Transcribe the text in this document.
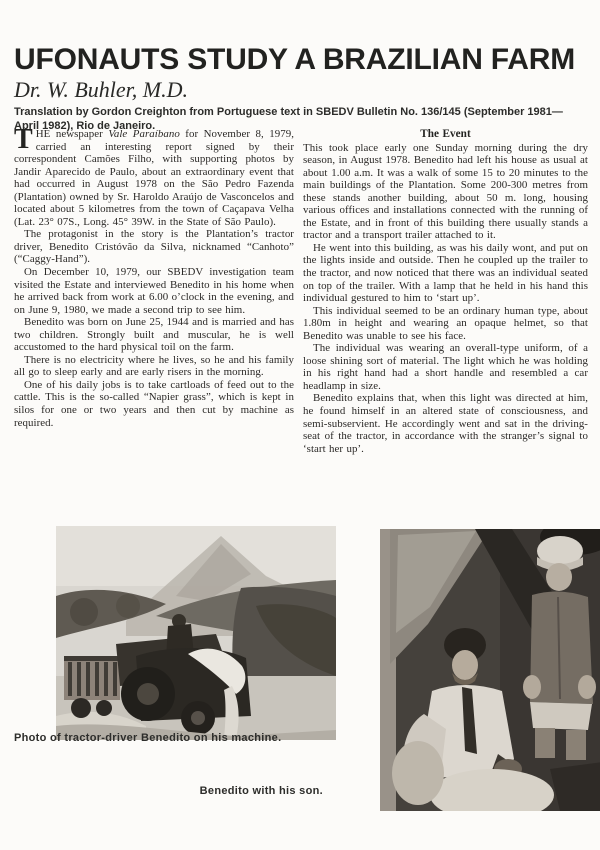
UFONAUTS STUDY A BRAZILIAN FARM
Dr. W. Buhler, M.D.
Translation by Gordon Creighton from Portuguese text in SBEDV Bulletin No. 136/145 (September 1981—April 1982), Rio de Janeiro.

THE newspaper Vale Paraíbano for November 8, 1979, carried an interesting report signed by their correspondent Camões Filho, with supporting photos by Jandir Aparecido de Paulo, about an extraordinary event that had occurred in August 1978 on the São Pedro Fazenda (Plantation) owned by Sr. Haroldo Araújo de Vasconcelos and located about 5 kilometres from the town of Caçapava Velha (Lat. 23° 07S., Long. 45° 39W. in the State of São Paulo).

The protagonist in the story is the Plantation’s tractor driver, Benedito Cristóvão da Silva, nicknamed “Canhoto” (“Caggy-Hand”).

On December 10, 1979, our SBEDV investigation team visited the Estate and interviewed Benedito in his home when he arrived back from work at 6.00 o’clock in the evening, and on June 9, 1980, we made a second trip to see him.

Benedito was born on June 25, 1944 and is married and has two children. Strongly built and muscular, he is well accustomed to the hard physical toil on the farm.

There is no electricity where he lives, so he and his family all go to sleep early and are early risers in the morning.

One of his daily jobs is to take cartloads of feed out to the cattle. This is the so-called “Napier grass”, which is kept in silos for one or two years and then cut by machine as required.

The Event

This took place early one Sunday morning during the dry season, in August 1978. Benedito had left his house as usual at about 1.00 a.m. It was a walk of some 15 to 20 minutes to the main buildings of the Plantation. Some 200-300 metres from these stands another building, about 50 m. long, housing various offices and installations connected with the running of the Estate, and in front of this building there usually stands a tractor and a transport trailer attached to it.

He went into this building, as was his daily wont, and put on the lights inside and outside. Then he coupled up the trailer to the tractor, and now noticed that there was an individual seated on top of the trailer. With a lamp that he held in his hand this individual gestured to him to ‘start up’.

This individual seemed to be an ordinary human type, about 1.80m in height and wearing an opaque helmet, so that Benedito was unable to see his face.

The individual was wearing an overall-type uniform, of a loose shining sort of material. The light which he was holding in his right hand had a short handle and resembled a car headlamp in size.

Benedito explains that, when this light was directed at him, he found himself in an altered state of consciousness, and semi-subservient. He accordingly went and sat in the driving-seat of the tractor, in accordance with the stranger’s signal to ‘start her up’.

Photo of tractor-driver Benedito on his machine.
Benedito with his son.
